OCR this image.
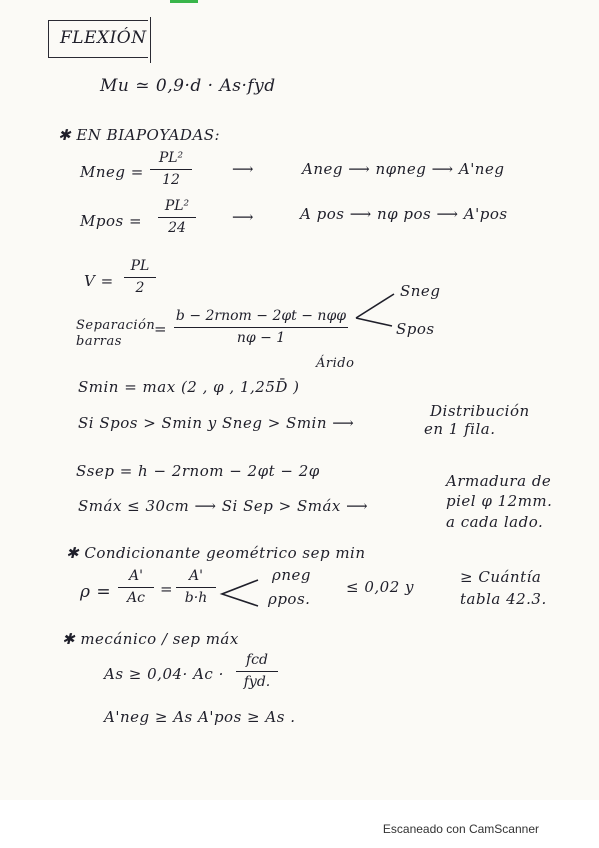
FLEXIÓN
Mu ≃ 0,9·d · As·fyd
✱ EN BIAPOYADAS:
Mneg =
PL²
12
⟶	Aneg ⟶ nφneg ⟶ A'neg
Mpos =
PL²
24
⟶	A pos ⟶ nφ pos ⟶ A'pos
V =
PL
2
Separación
barras
=
b − 2rnom − 2φt − nφφ
nφ − 1
Sneg
Spos
Árido
Smin = max (2 , φ , 1,25D̄ )
Si Spos > Smin y Sneg > Smin ⟶
Distribución
en 1 fila.
Ssep = h − 2rnom − 2φt − 2φ
Smáx ≤ 30cm ⟶ Si Sep > Smáx ⟶
Armadura de
piel φ 12mm.
a cada lado.
✱ Condicionante geométrico sep min
ρ =
A'
Ac =
A'
b·h
ρneg
ρpos.
≤ 0,02 y
≥ Cuántía
tabla 42.3.
✱ mecánico / sep máx
As ≥ 0,04· Ac ·
fcd
fyd.
A'neg ≥ As A'pos ≥ As .
Escaneado con CamScanner
